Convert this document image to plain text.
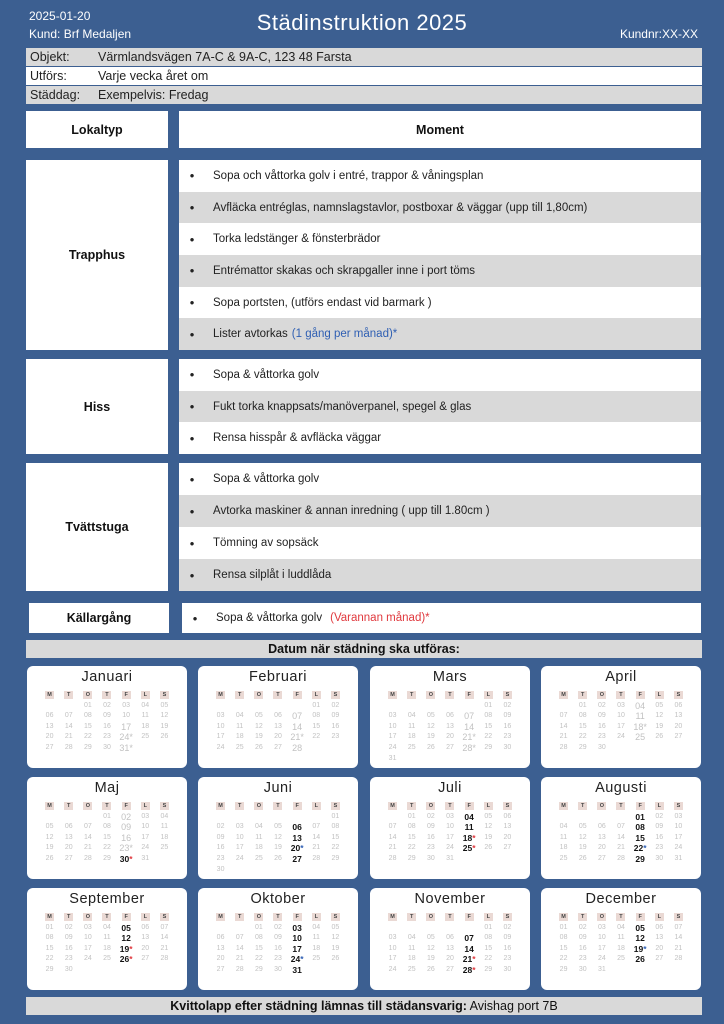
2025-01-20
Kund: Brf Medaljen	Städinstruktion 2025	Kundnr:XX-XX
Objekt:	Värmlandsvägen 7A-C & 9A-C, 123 48 Farsta
Utförs:	Varje vecka året om
Städdag:	Exempelvis: Fredag
Lokaltyp	Moment
Trapphus
•	Sopa och våttorka golv i entré, trappor & våningsplan
•	Avfläcka entréglas, namnslagstavlor, postboxar & väggar (upp till 1,80cm)
•	Torka ledstänger & fönsterbrädor
•	Entrémattor skakas och skrapgaller inne i port töms
•	Sopa portsten, (utförs endast vid barmark )
•	Lister avtorkas (1 gång per månad)*
Hiss
•	Sopa & våttorka golv
•	Fukt torka knappsats/manöverpanel, spegel & glas
•	Rensa hisspår & avfläcka väggar
Tvättstuga
•	Sopa & våttorka golv
•	Avtorka maskiner & annan inredning ( upp till 1.80cm )
•	Tömning av sopsäck
•	Rensa silplåt i luddlåda
Källargång	•	Sopa & våttorka golv (Varannan månad)*
Datum när städning ska utföras:
Januari
M	T	O	T	F	L	S
		01	02	03	04	05
06	07	08	09	10	11	12
13	14	15	16	17	18	19
20	21	22	23	24*	25	26
27	28	29	30	31*		
Februari
M	T	O	T	F	L	S
					01	02
03	04	05	06	07	08	09
10	11	12	13	14	15	16
17	18	19	20	21*	22	23
24	25	26	27	28		
Mars
M	T	O	T	F	L	S
					01	02
03	04	05	06	07	08	09
10	11	12	13	14	15	16
17	18	19	20	21*	22	23
24	25	26	27	28*	29	30
31						
April
M	T	O	T	F	L	S
	01	02	03	04	05	06
07	08	09	10	11	12	13
14	15	16	17	18*	19	20
21	22	23	24	25	26	27
28	29	30				
Maj
M	T	O	T	F	L	S
			01	02	03	04
05	06	07	08	09	10	11
12	13	14	15	16	17	18
19	20	21	22	23*	24	25
26	27	28	29	30*	31	
Juni
M	T	O	T	F	L	S
						01
02	03	04	05	06	07	08
09	10	11	12	13	14	15
16	17	18	19	20*	21	22
23	24	25	26	27	28	29
30						
Juli
M	T	O	T	F	L	S
	01	02	03	04	05	06
07	08	09	10	11	12	13
14	15	16	17	18*	19	20
21	22	23	24	25*	26	27
28	29	30	31			
Augusti
M	T	O	T	F	L	S
				01	02	03
04	05	06	07	08	09	10
11	12	13	14	15	16	17
18	19	20	21	22*	23	24
25	26	27	28	29	30	31
September
M	T	O	T	F	L	S
01	02	03	04	05	06	07
08	09	10	11	12	13	14
15	16	17	18	19*	20	21
22	23	24	25	26*	27	28
29	30					
Oktober
M	T	O	T	F	L	S
		01	02	03	04	05
06	07	08	09	10	11	12
13	14	15	16	17	18	19
20	21	22	23	24*	25	26
27	28	29	30	31		
November
M	T	O	T	F	L	S
					01	02
03	04	05	06	07	08	09
10	11	12	13	14	15	16
17	18	19	20	21*	22	23
24	25	26	27	28*	29	30
December
M	T	O	T	F	L	S
01	02	03	04	05	06	07
08	09	10	11	12	13	14
15	16	17	18	19*	20	21
22	23	24	25	26	27	28
29	30	31				
Kvittolapp efter städning lämnas till städansvarig: Avishag port 7B
